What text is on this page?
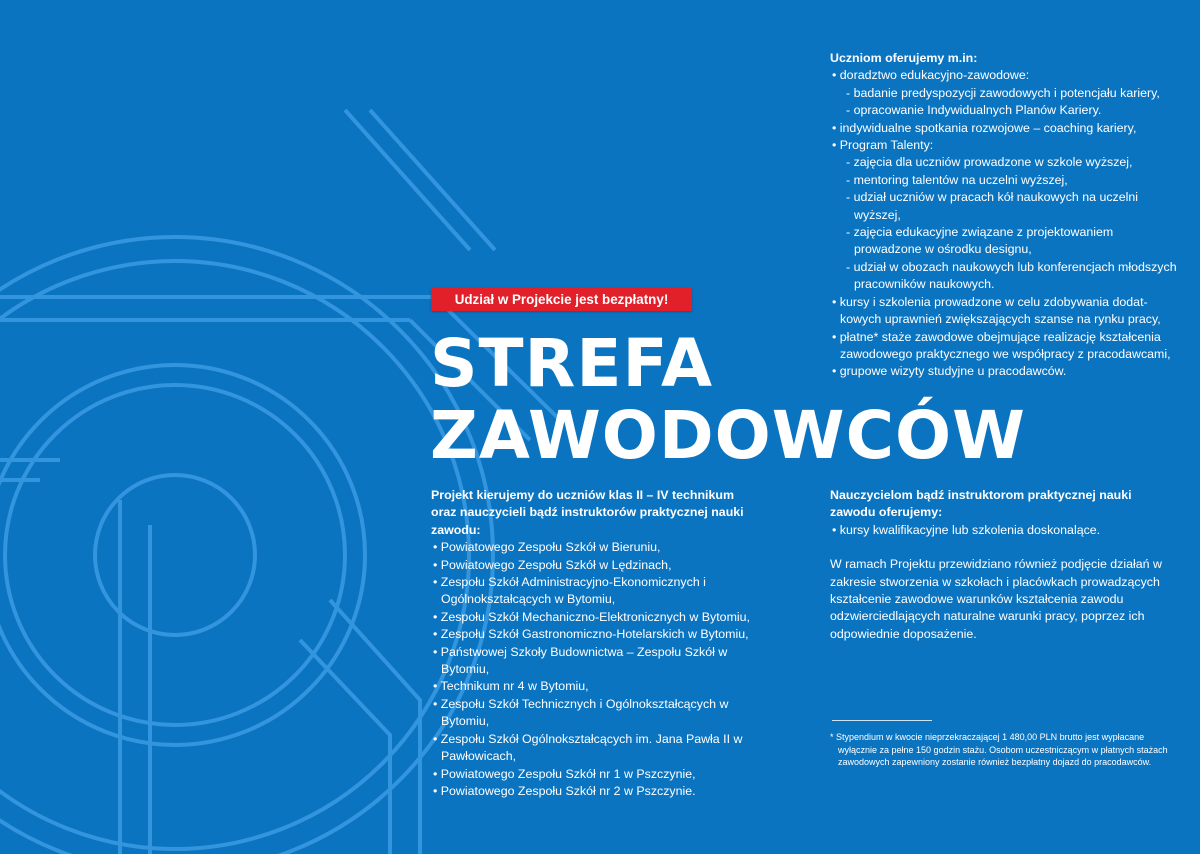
Udział w Projekcie jest bezpłatny!
STREFA
ZAWODOWCÓW
Uczniom oferujemy m.in:
• doradztwo edukacyjno-zawodowe:
- badanie predyspozycji zawodowych i potencjału kariery,
- opracowanie Indywidualnych Planów Kariery.
• indywidualne spotkania rozwojowe – coaching kariery,
• Program Talenty:
- zajęcia dla uczniów prowadzone w szkole wyższej,
- mentoring talentów na uczelni wyższej,
- udział uczniów w pracach kół naukowych na uczelni wyższej,
- zajęcia edukacyjne związane z projektowaniem prowadzone w ośrodku designu,
- udział w obozach naukowych lub konferencjach młodszych pracowników naukowych.
• kursy i szkolenia prowadzone w celu zdobywania dodat-kowych uprawnień zwiększających szanse na rynku pracy,
• płatne* staże zawodowe obejmujące realizację kształcenia zawodowego praktycznego we współpracy z pracodawcami,
• grupowe wizyty studyjne u pracodawców.
Projekt kierujemy do uczniów klas II – IV technikum oraz nauczycieli bądź instruktorów praktycznej nauki zawodu:
• Powiatowego Zespołu Szkół w Bieruniu,
• Powiatowego Zespołu Szkół w Lędzinach,
• Zespołu Szkół Administracyjno-Ekonomicznych i Ogólnokształcących w Bytomiu,
• Zespołu Szkół Mechaniczno-Elektronicznych w Bytomiu,
• Zespołu Szkół Gastronomiczno-Hotelarskich w Bytomiu,
• Państwowej Szkoły Budownictwa – Zespołu Szkół w Bytomiu,
• Technikum nr 4 w Bytomiu,
• Zespołu Szkół Technicznych i Ogólnokształcących w Bytomiu,
• Zespołu Szkół Ogólnokształcących im. Jana Pawła II w Pawłowicach,
• Powiatowego Zespołu Szkół nr 1 w Pszczynie,
• Powiatowego Zespołu Szkół nr 2 w Pszczynie.
Nauczycielom bądź instruktorom praktycznej nauki zawodu oferujemy:
• kursy kwalifikacyjne lub szkolenia doskonalące.
W ramach Projektu przewidziano również podjęcie działań w zakresie stworzenia w szkołach i placówkach prowadzących kształcenie zawodowe warunków kształcenia zawodu odzwierciedlających naturalne warunki pracy, poprzez ich odpowiednie doposażenie.
* Stypendium w kwocie nieprzekraczającej 1 480,00 PLN brutto jest wypłacane wyłącznie za pełne 150 godzin stażu. Osobom uczestniczącym w płatnych stażach zawodowych zapewniony zostanie również bezpłatny dojazd do pracodawców.
